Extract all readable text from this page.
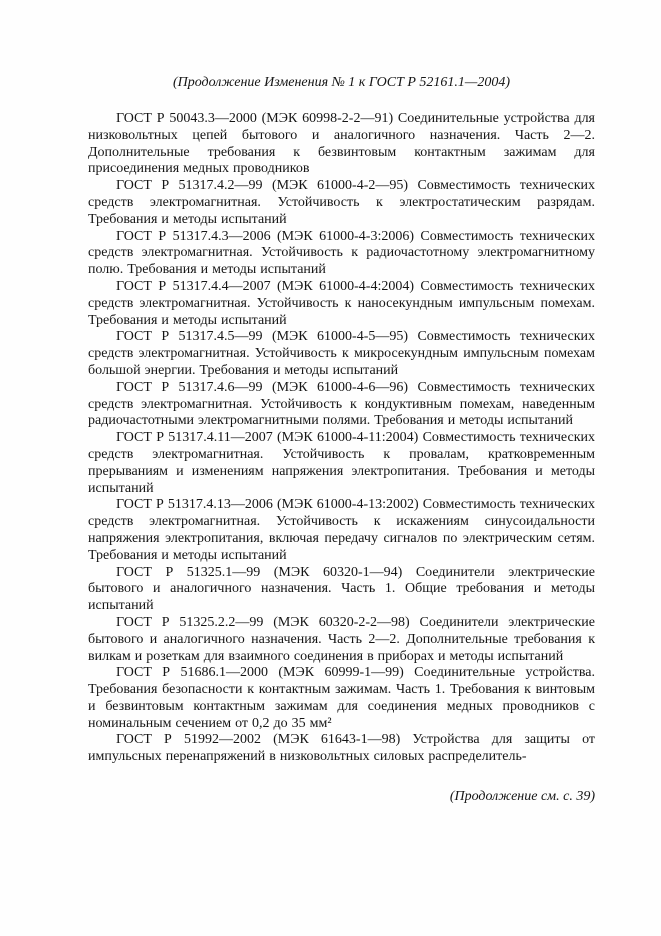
(Продолжение Изменения № 1 к ГОСТ Р 52161.1—2004)

ГОСТ Р 50043.3—2000 (МЭК 60998-2-2—91) Соединительные устройства для низковольтных цепей бытового и аналогичного назначения. Часть 2—2. Дополнительные требования к безвинтовым контактным зажимам для присоединения медных проводников

ГОСТ Р 51317.4.2—99 (МЭК 61000-4-2—95) Совместимость технических средств электромагнитная. Устойчивость к электростатическим разрядам. Требования и методы испытаний

ГОСТ Р 51317.4.3—2006 (МЭК 61000-4-3:2006) Совместимость технических средств электромагнитная. Устойчивость к радиочастотному электромагнитному полю. Требования и методы испытаний

ГОСТ Р 51317.4.4—2007 (МЭК 61000-4-4:2004) Совместимость технических средств электромагнитная. Устойчивость к наносекундным импульсным помехам. Требования и методы испытаний

ГОСТ Р 51317.4.5—99 (МЭК 61000-4-5—95) Совместимость технических средств электромагнитная. Устойчивость к микросекундным импульсным помехам большой энергии. Требования и методы испытаний

ГОСТ Р 51317.4.6—99 (МЭК 61000-4-6—96) Совместимость технических средств электромагнитная. Устойчивость к кондуктивным помехам, наведенным радиочастотными электромагнитными полями. Требования и методы испытаний

ГОСТ Р 51317.4.11—2007 (МЭК 61000-4-11:2004) Совместимость технических средств электромагнитная. Устойчивость к провалам, кратковременным прерываниям и изменениям напряжения электропитания. Требования и методы испытаний

ГОСТ Р 51317.4.13—2006 (МЭК 61000-4-13:2002) Совместимость технических средств электромагнитная. Устойчивость к искажениям синусоидальности напряжения электропитания, включая передачу сигналов по электрическим сетям. Требования и методы испытаний

ГОСТ Р 51325.1—99 (МЭК 60320-1—94) Соединители электрические бытового и аналогичного назначения. Часть 1. Общие требования и методы испытаний

ГОСТ Р 51325.2.2—99 (МЭК 60320-2-2—98) Соединители электрические бытового и аналогичного назначения. Часть 2—2. Дополнительные требования к вилкам и розеткам для взаимного соединения в приборах и методы испытаний

ГОСТ Р 51686.1—2000 (МЭК 60999-1—99) Соединительные устройства. Требования безопасности к контактным зажимам. Часть 1. Требования к винтовым и безвинтовым контактным зажимам для соединения медных проводников с номинальным сечением от 0,2 до 35 мм²

ГОСТ Р 51992—2002 (МЭК 61643-1—98) Устройства для защиты от импульсных перенапряжений в низковольтных силовых распределитель-

(Продолжение см. с. 39)
